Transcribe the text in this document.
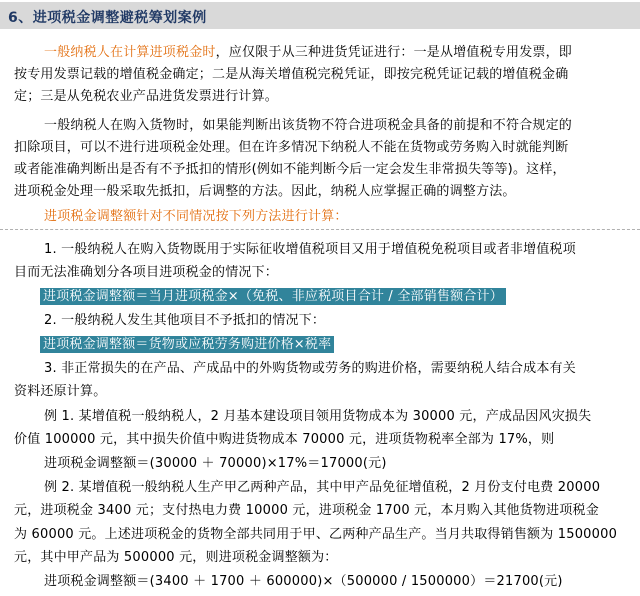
6、进项税金调整避税筹划案例
一般纳税人在计算进项税金时，应仅限于从三种进货凭证进行：一是从增值税专用发票，即
按专用发票记载的增值税金确定；二是从海关增值税完税凭证，即按完税凭证记载的增值税金确
定；三是从免税农业产品进货发票进行计算。
一般纳税人在购入货物时，如果能判断出该货物不符合进项税金具备的前提和不符合规定的
扣除项目，可以不进行进项税金处理。但在许多情况下纳税人不能在货物或劳务购入时就能判断
或者能准确判断出是否有不予抵扣的情形(例如不能判断今后一定会发生非常损失等等)。这样，
进项税金处理一般采取先抵扣，后调整的方法。因此，纳税人应掌握正确的调整方法。
进项税金调整额针对不同情况按下列方法进行计算：
1. 一般纳税人在购入货物既用于实际征收增值税项目又用于增值税免税项目或者非增值税项
目而无法准确划分各项目进项税金的情况下：
进项税金调整额＝当月进项税金×（免税、非应税项目合计 / 全部销售额合计）
2. 一般纳税人发生其他项目不予抵扣的情况下：
进项税金调整额＝货物或应税劳务购进价格×税率
3. 非正常损失的在产品、产成品中的外购货物或劳务的购进价格，需要纳税人结合成本有关
资料还原计算。
例 1. 某增值税一般纳税人，2 月基本建设项目领用货物成本为 30000 元，产成品因风灾损失
价值 100000 元，其中损失价值中购进货物成本 70000 元，进项货物税率全部为 17%，则
进项税金调整额＝(30000 ＋ 70000)×17%＝17000(元)
例 2. 某增值税一般纳税人生产甲乙两种产品，其中甲产品免征增值税，2 月份支付电费 20000
元，进项税金 3400 元；支付热电力费 10000 元，进项税金 1700 元，本月购入其他货物进项税金
为 60000 元。上述进项税金的货物全部共同用于甲、乙两种产品生产。当月共取得销售额为 1500000
元，其中甲产品为 500000 元，则进项税金调整额为：
进项税金调整额＝(3400 ＋ 1700 ＋ 600000)×（500000 / 1500000）＝21700(元)
